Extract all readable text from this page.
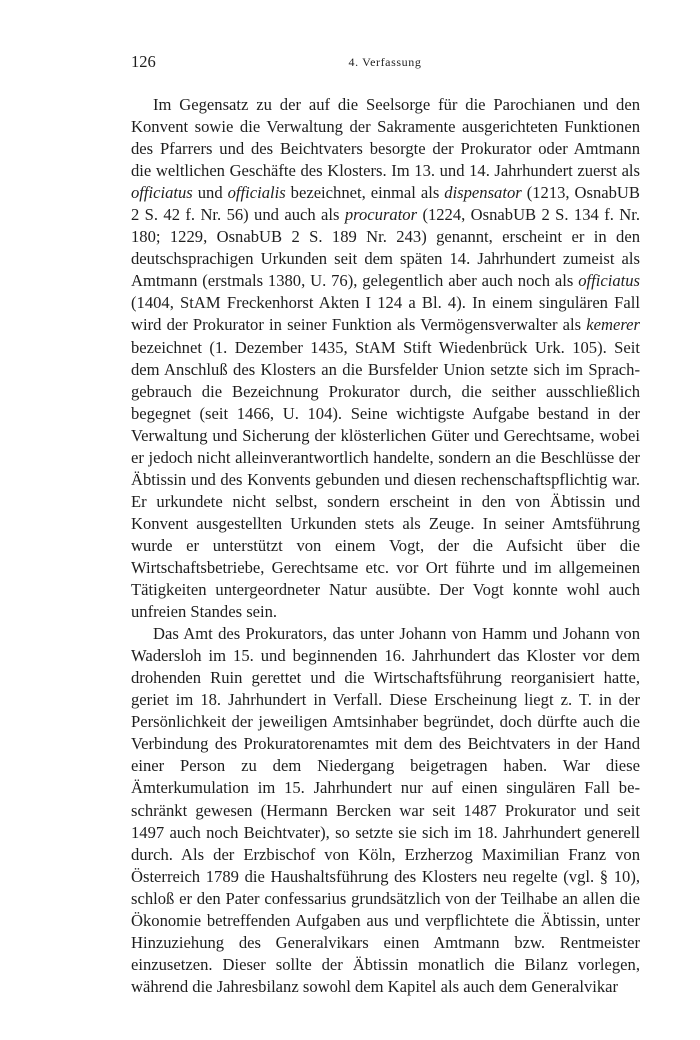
126	4. Verfassung

Im Gegensatz zu der auf die Seelsorge für die Parochianen und den Konvent sowie die Verwaltung der Sakramente ausgerichteten Funktionen des Pfarrers und des Beichtvaters besorgte der Prokurator oder Amtmann die weltlichen Geschäfte des Klosters. Im 13. und 14. Jahrhundert zuerst als officiatus und officialis bezeichnet, einmal als dispensator (1213, OsnabUB 2 S. 42 f. Nr. 56) und auch als procurator (1224, OsnabUB 2 S. 134 f. Nr. 180; 1229, OsnabUB 2 S. 189 Nr. 243) genannt, erscheint er in den deutschsprachigen Urkunden seit dem späten 14. Jahrhundert zumeist als Amtmann (erstmals 1380, U. 76), gelegentlich aber auch noch als officiatus (1404, StAM Freckenhorst Akten I 124 a Bl. 4). In einem singulären Fall wird der Prokurator in seiner Funktion als Vermögensverwalter als kemerer bezeichnet (1. Dezember 1435, StAM Stift Wiedenbrück Urk. 105). Seit dem Anschluß des Klosters an die Bursfelder Union setzte sich im Sprachgebrauch die Bezeichnung Prokurator durch, die seither ausschließlich begegnet (seit 1466, U. 104). Seine wichtigste Aufgabe bestand in der Verwaltung und Sicherung der klösterlichen Güter und Gerechtsame, wobei er jedoch nicht alleinverantwortlich handelte, sondern an die Beschlüsse der Äbtissin und des Konvents gebunden und diesen rechenschaftspflichtig war. Er urkundete nicht selbst, sondern erscheint in den von Äbtissin und Konvent ausgestellten Urkunden stets als Zeuge. In seiner Amtsführung wurde er unterstützt von einem Vogt, der die Aufsicht über die Wirtschaftsbetriebe, Gerechtsame etc. vor Ort führte und im allgemeinen Tätigkeiten untergeordneter Natur ausübte. Der Vogt konnte wohl auch unfreien Standes sein.

Das Amt des Prokurators, das unter Johann von Hamm und Johann von Wadersloh im 15. und beginnenden 16. Jahrhundert das Kloster vor dem drohenden Ruin gerettet und die Wirtschaftsführung reorganisiert hatte, geriet im 18. Jahrhundert in Verfall. Diese Erscheinung liegt z. T. in der Persönlichkeit der jeweiligen Amtsinhaber begründet, doch dürfte auch die Verbindung des Prokuratorenamtes mit dem des Beichtvaters in der Hand einer Person zu dem Niedergang beigetragen haben. War diese Ämterkumulation im 15. Jahrhundert nur auf einen singulären Fall beschränkt gewesen (Hermann Bercken war seit 1487 Prokurator und seit 1497 auch noch Beichtvater), so setzte sie sich im 18. Jahrhundert generell durch. Als der Erzbischof von Köln, Erzherzog Maximilian Franz von Österreich 1789 die Haushaltsführung des Klosters neu regelte (vgl. § 10), schloß er den Pater confessarius grundsätzlich von der Teilhabe an allen die Ökonomie betreffenden Aufgaben aus und verpflichtete die Äbtissin, unter Hinzuziehung des Generalvikars einen Amtmann bzw. Rentmeister einzusetzen. Dieser sollte der Äbtissin monatlich die Bilanz vorlegen, während die Jahresbilanz sowohl dem Kapitel als auch dem Generalvikar
